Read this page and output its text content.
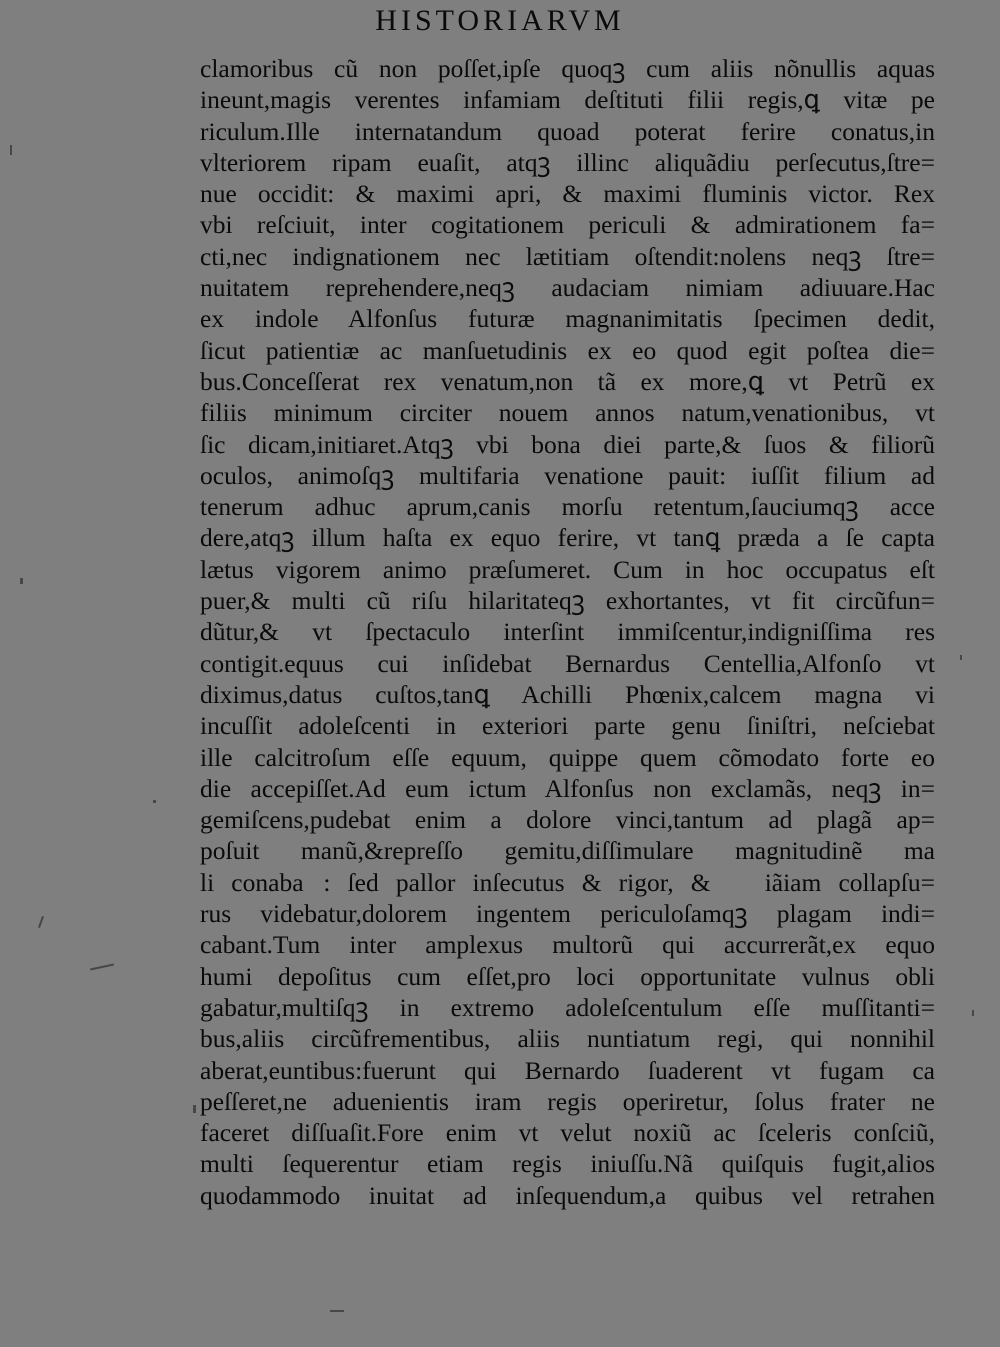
HISTORIARVM
clamoribus cũ non poſſet,ipſe quoqꝫ cum aliis nõnullis aquas
ineunt,magis verentes infamiam deſtituti filii regis,ꝗ vitæ pe
riculum.Ille internatandum quoad poterat ferire conatus,in
vlteriorem ripam euaſit, atqꝫ illinc aliquãdiu perſecutus,ſtre=
nue occidit: & maximi apri, & maximi fluminis victor. Rex
vbi reſciuit, inter cogitationem periculi & admirationem fa=
cti,nec indignationem nec lætitiam oſtendit:nolens neqꝫ ſtre=
nuitatem reprehendere,neqꝫ audaciam nimiam adiuuare.Hac
ex indole Alfonſus futuræ magnanimitatis ſpecimen dedit,
ſicut patientiæ ac manſuetudinis ex eo quod egit poſtea die=
bus.Conceſſerat rex venatum,non tã ex more,ꝗ vt Petrũ ex
filiis minimum circiter nouem annos natum,venationibus, vt
ſic dicam,initiaret.Atqꝫ vbi bona diei parte,& ſuos & filiorũ
oculos, animoſqꝫ multifaria venatione pauit: iuſſit filium ad
tenerum adhuc aprum,canis morſu retentum,ſauciumqꝫ acce
dere,atqꝫ illum haſta ex equo ferire, vt tanꝗ præda a ſe capta
lætus vigorem animo præſumeret. Cum in hoc occupatus eſt
puer,& multi cũ riſu hilaritateqꝫ exhortantes, vt fit circũfun=
dũtur,& vt ſpectaculo interſint immiſcentur,indigniſſima res
contigit.equus cui inſidebat Bernardus Centellia,Alfonſo vt
diximus,datus cuſtos,tanꝗ Achilli Phœnix,calcem magna vi
incuſſit adoleſcenti in exteriori parte genu ſiniſtri, neſciebat
ille calcitroſum eſſe equum, quippe quem cõmodato forte eo
die accepiſſet.Ad eum ictum Alfonſus non exclamãs, neqꝫ in=
gemiſcens,pudebat enim a dolore vinci,tantum ad plagã ap=
poſuit manũ,&repreſſo gemitu,diſſimulare magnitudinẽ ma
li conabaᷓ: ſed pallor inſecutus & rigor, & ꝙ iãiam collapſu=
rus videbatur,dolorem ingentem periculoſamqꝫ plagam indi=
cabant.Tum inter amplexus multorũ qui accurrerãt,ex equo
humi depoſitus cum eſſet,pro loci opportunitate vulnus obli
gabatur,multiſqꝫ in extremo adoleſcentulum eſſe muſſitanti=
bus,aliis circũfrementibus, aliis nuntiatum regi, qui nonnihil
aberat,euntibus:fuerunt qui Bernardo ſuaderent vt fugam ca
peſſeret,ne aduenientis iram regis operiretur, ſolus frater ne
faceret diſſuaſit.Fore enim vt velut noxiũ ac ſceleris conſciũ,
multi ſequerentur etiam regis iniuſſu.Nã quiſquis fugit,alios
quodammodo inuitat ad inſequendum,a quibus vel retrahen
